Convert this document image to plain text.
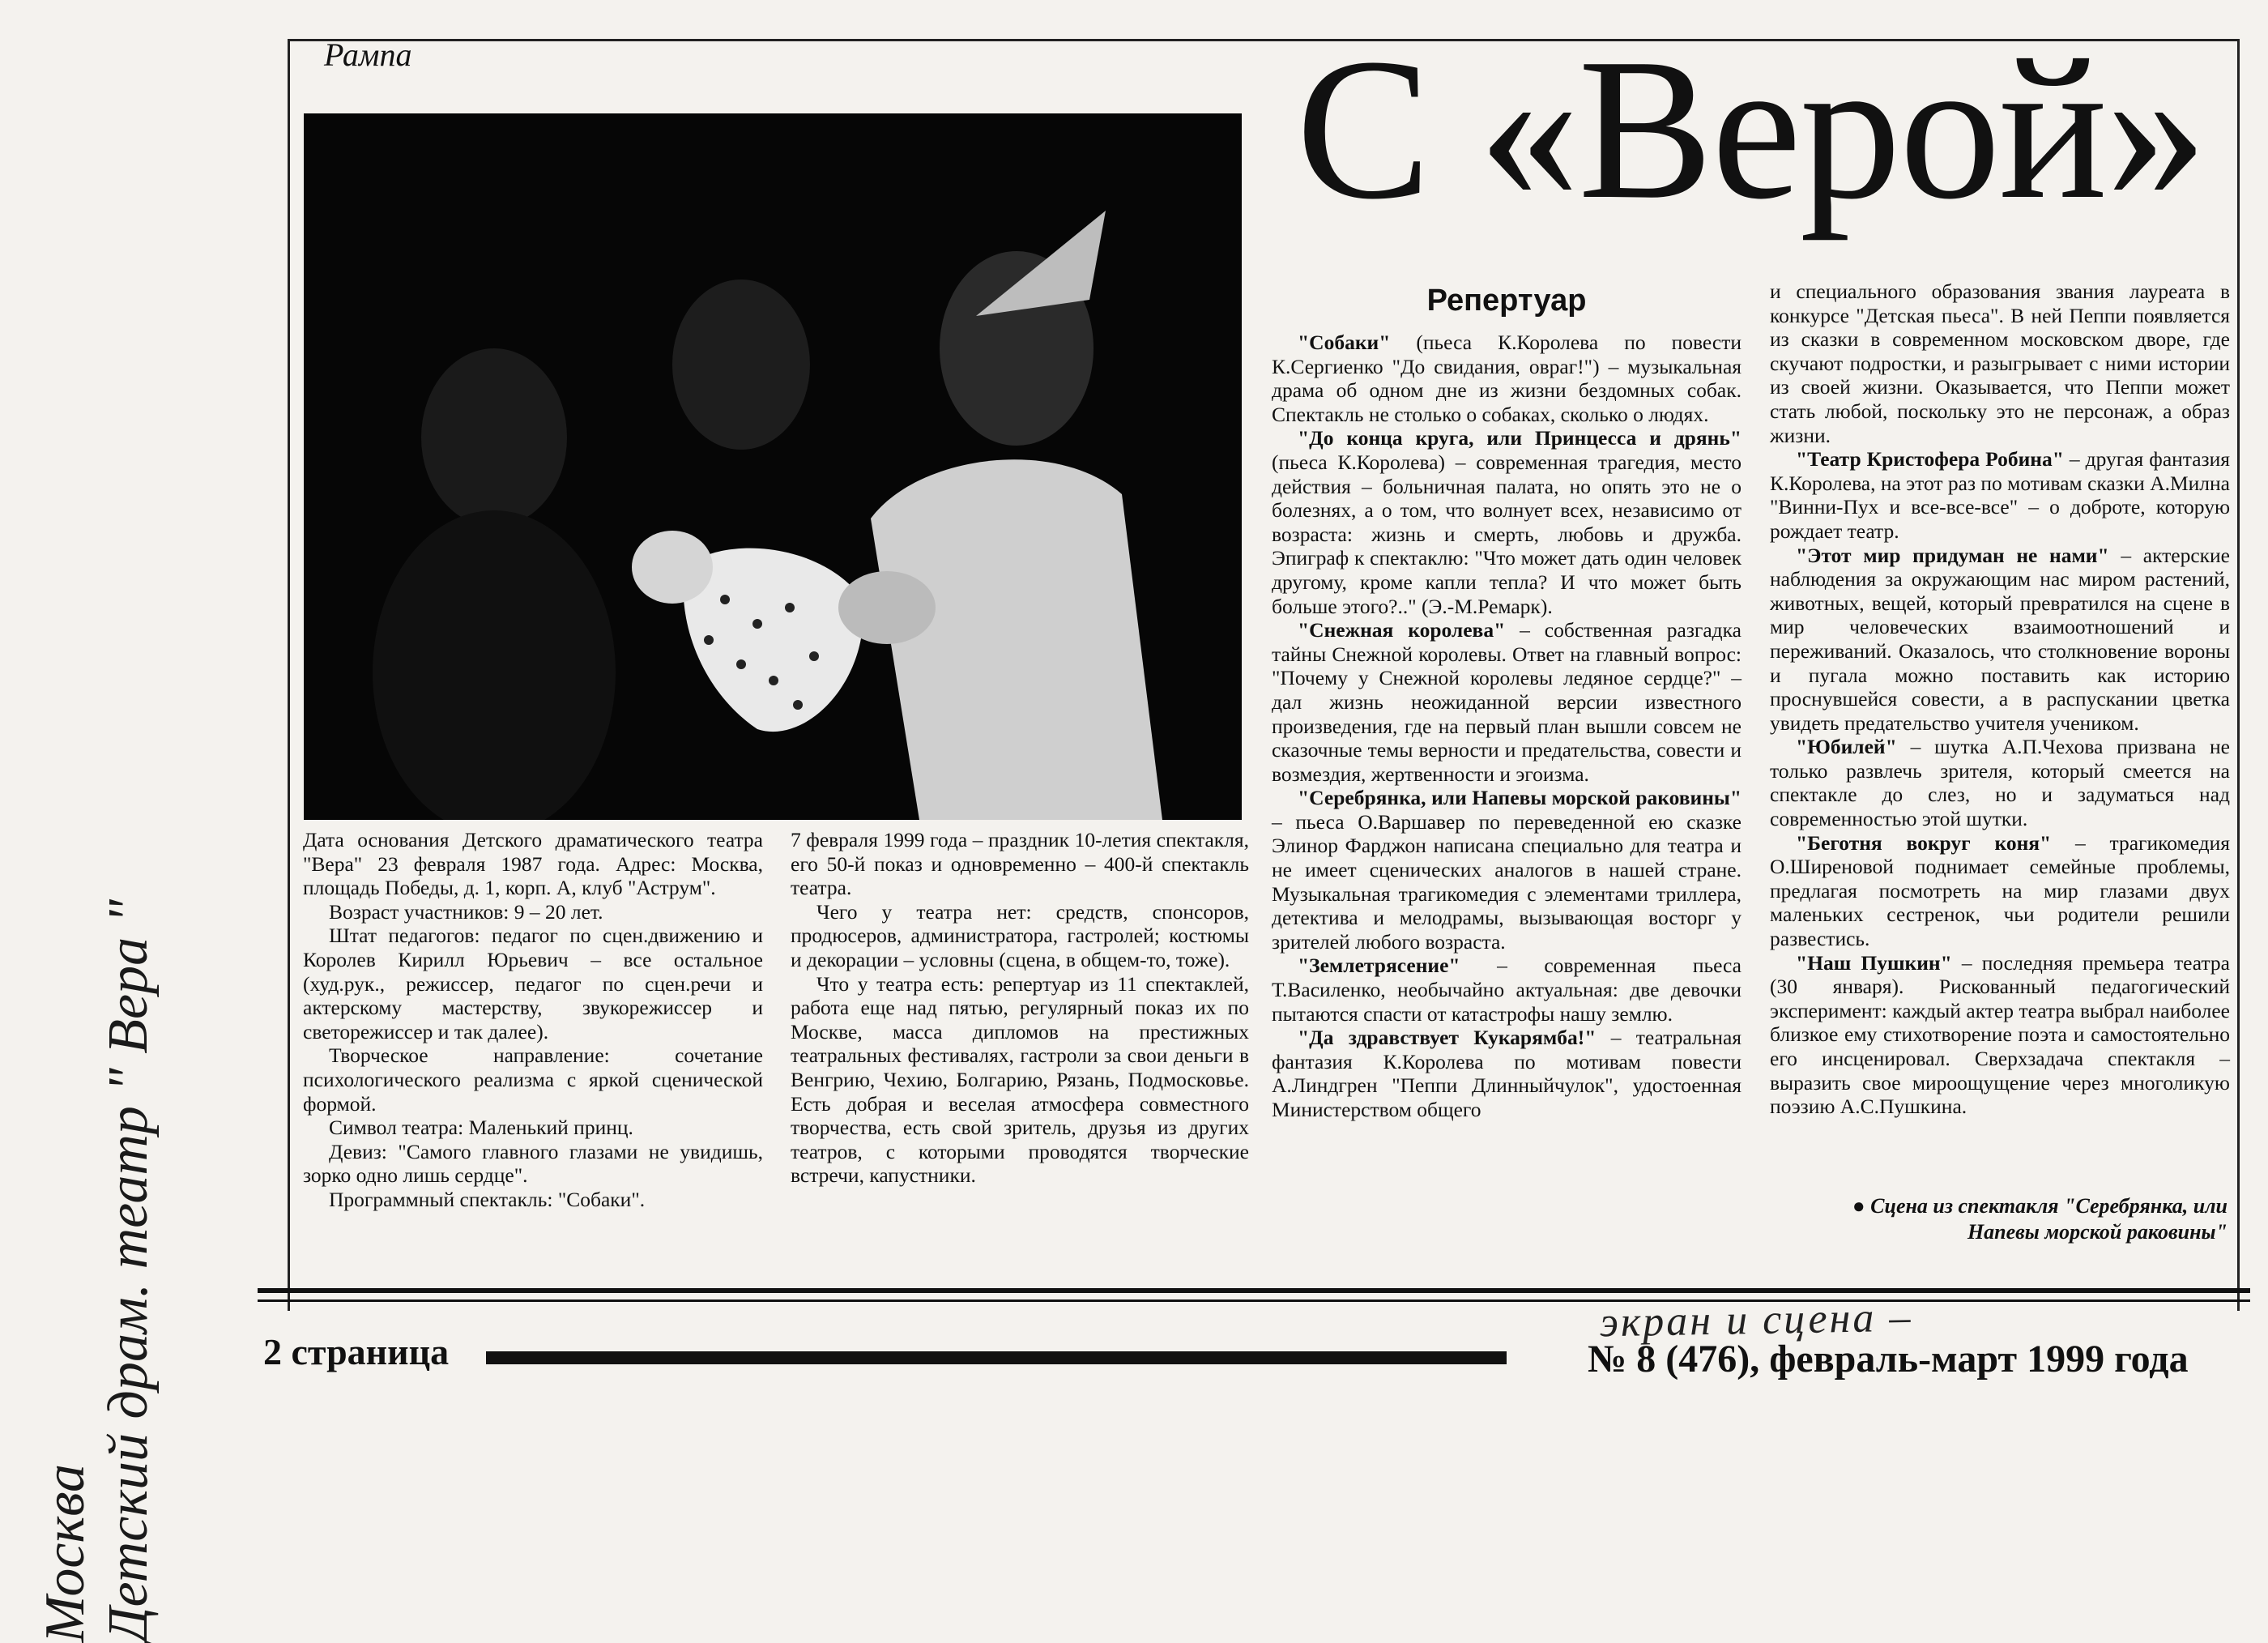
Рампа	С «Верой»

Дата основания Детского драматического театра "Вера" 23 февраля 1987 года. Адрес: Москва, площадь Победы, д. 1, корп. А, клуб "Аструм".

Возраст участников: 9 – 20 лет.

Штат педагогов: педагог по сцен.движению и Королев Кирилл Юрьевич – все остальное (худ.рук., режиссер, педагог по сцен.речи и актерскому мастерству, звукорежиссер и светорежиссер и так далее).

Творческое направление: сочетание психологического реализма с яркой сценической формой.

Символ театра: Маленький принц.

Девиз: "Самого главного глазами не увидишь, зорко одно лишь сердце".

Программный спектакль: "Собаки".

7 февраля 1999 года – праздник 10-летия спектакля, его 50-й показ и одновременно – 400-й спектакль театра.

Чего у театра нет: средств, спонсоров, продюсеров, администратора, гастролей; костюмы и декорации – условны (сцена, в общем-то, тоже).

Что у театра есть: репертуар из 11 спектаклей, работа еще над пятью, регулярный показ их по Москве, масса дипломов на престижных театральных фестивалях, гастроли за свои деньги в Венгрию, Чехию, Болгарию, Рязань, Подмосковье. Есть добрая и веселая атмосфера совместного творчества, есть свой зритель, друзья из других театров, с которыми проводятся творческие встречи, капустники.

Репертуар

"Собаки" (пьеса К.Королева по повести К.Сергиенко "До свидания, овраг!") – музыкальная драма об одном дне из жизни бездомных собак. Спектакль не столько о собаках, сколько о людях.

"До конца круга, или Принцесса и дрянь" (пьеса К.Королева) – современная трагедия, место действия – больничная палата, но опять это не о болезнях, а о том, что волнует всех, независимо от возраста: жизнь и смерть, любовь и дружба. Эпиграф к спектаклю: "Что может дать один человек другому, кроме капли тепла? И что может быть больше этого?.." (Э.-М.Ремарк).

"Снежная королева" – собственная разгадка тайны Снежной королевы. Ответ на главный вопрос: "Почему у Снежной королевы ледяное сердце?" – дал жизнь неожиданной версии известного произведения, где на первый план вышли совсем не сказочные темы верности и предательства, совести и возмездия, жертвенности и эгоизма.

"Серебрянка, или Напевы морской раковины" – пьеса О.Варшавер по переведенной ею сказке Элинор Фарджон написана специально для театра и не имеет сценических аналогов в нашей стране. Музыкальная трагикомедия с элементами триллера, детектива и мелодрамы, вызывающая восторг у зрителей любого возраста.

"Землетрясение" – современная пьеса Т.Василенко, необычайно актуальная: две девочки пытаются спасти от катастрофы нашу землю.

"Да здравствует Кукарямба!" – театральная фантазия К.Королева по мотивам повести А.Линдгрен "Пеппи Длинныйчулок", удостоенная Министерством общего

и специального образования звания лауреата в конкурсе "Детская пьеса". В ней Пеппи появляется из сказки в современном московском дворе, где скучают подростки, и разыгрывает с ними истории из своей жизни. Оказывается, что Пеппи может стать любой, поскольку это не персонаж, а образ жизни.

"Театр Кристофера Робина" – другая фантазия К.Королева, на этот раз по мотивам сказки А.Милна "Винни-Пух и все-все-все" – о доброте, которую рождает театр.

"Этот мир придуман не нами" – актерские наблюдения за окружающим нас миром растений, животных, вещей, который превратился на сцене в мир человеческих взаимоотношений и переживаний. Оказалось, что столкновение вороны и пугала можно поставить как историю проснувшейся совести, а в распускании цветка увидеть предательство учителя учеником.

"Юбилей" – шутка А.П.Чехова призвана не только развлечь зрителя, который смеется на спектакле до слез, но и задуматься над современностью этой шутки.

"Беготня вокруг коня" – трагикомедия О.Ширеновой поднимает семейные проблемы, предлагая посмотреть на мир глазами двух маленьких сестренок, чьи родители решили развестись.

"Наш Пушкин" – последняя премьера театра (30 января). Рискованный педагогический эксперимент: каждый актер театра выбрал наиболее близкое ему стихотворение поэта и самостоятельно его инсценировал. Сверхзадача спектакля – выразить свое мироощущение через многоликую поэзию А.С.Пушкина.

● Сцена из спектакля "Серебрянка, или Напевы морской раковины"
экран и сцена –
2 страница	№ 8 (476), февраль-март 1999 года
Москва Детский драм. театр " Вера "
